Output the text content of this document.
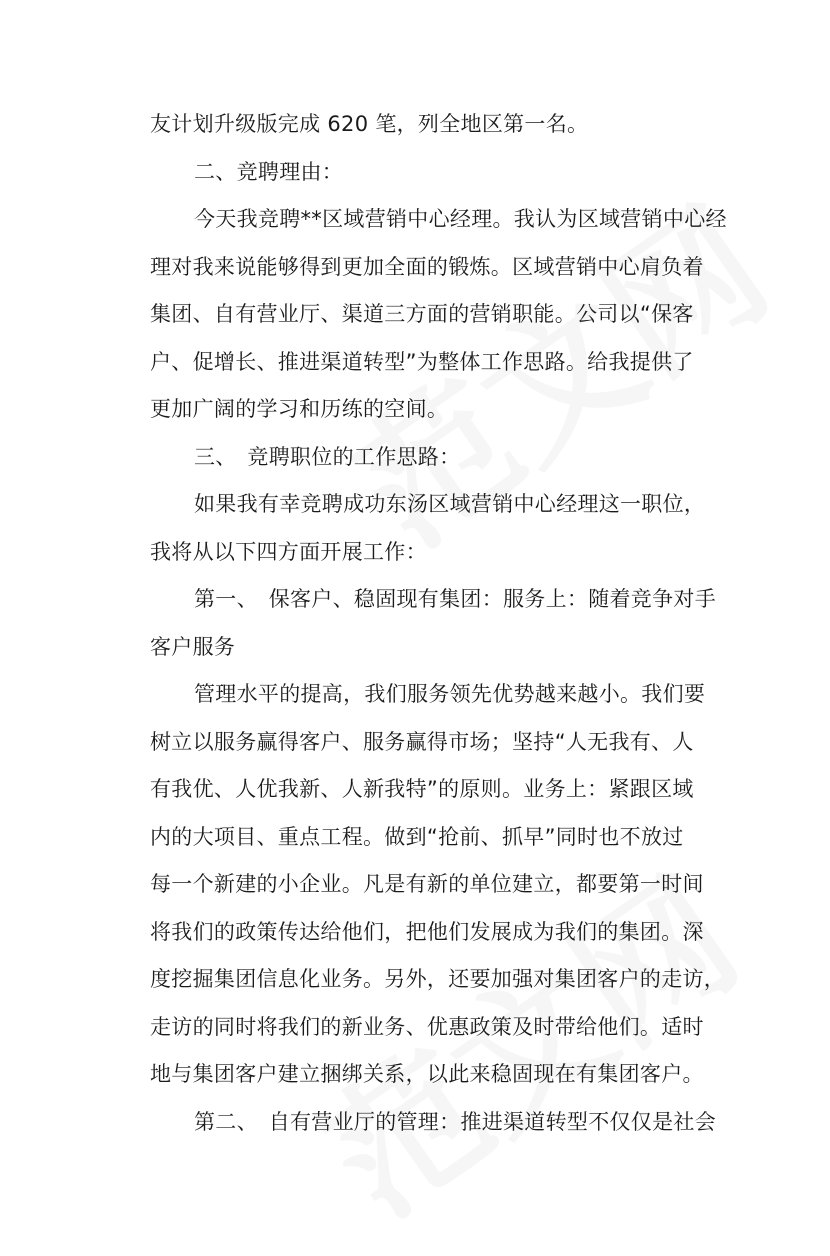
友计划升级版完成 620 笔，列全地区第一名。
二、竞聘理由：
今天我竞聘**区域营销中心经理。我认为区域营销中心经
理对我来说能够得到更加全面的锻炼。区域营销中心肩负着
集团、自有营业厅、渠道三方面的营销职能。公司以“保客
户、促增长、推进渠道转型”为整体工作思路。给我提供了
更加广阔的学习和历练的空间。
三、　竞聘职位的工作思路：
如果我有幸竞聘成功东汤区域营销中心经理这一职位，
我将从以下四方面开展工作：
第一、　保客户、稳固现有集团：服务上：随着竞争对手
客户服务
管理水平的提高，我们服务领先优势越来越小。我们要
树立以服务赢得客户、服务赢得市场；坚持“人无我有、人
有我优、人优我新、人新我特”的原则。业务上：紧跟区域
内的大项目、重点工程。做到“抢前、抓早”同时也不放过
每一个新建的小企业。凡是有新的单位建立，都要第一时间
将我们的政策传达给他们，把他们发展成为我们的集团。深
度挖掘集团信息化业务。另外，还要加强对集团客户的走访，
走访的同时将我们的新业务、优惠政策及时带给他们。适时
地与集团客户建立捆绑关系，以此来稳固现在有集团客户。
第二、　自有营业厅的管理：推进渠道转型不仅仅是社会
